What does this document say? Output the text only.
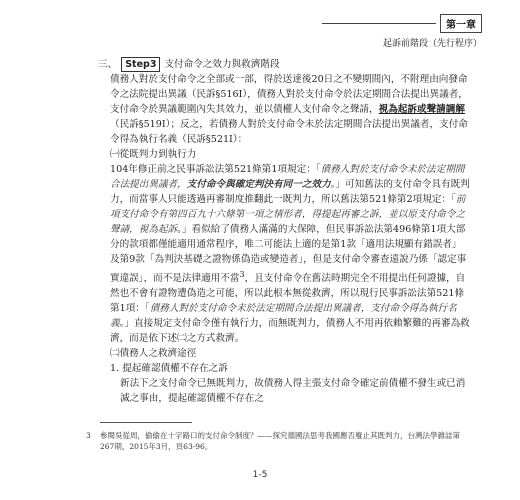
第一章
起訴前階段（先行程序）
三、 Step3 支付命令之效力與救濟階段

債務人對於支付命令之全部或一部，得於送達後20日之不變期間內，不附理由向發命令之法院提出異議（民訴§516Ⅰ），債務人對於支付命令於法定期間合法提出異議者，支付命令於異議範圍內失其效力，並以債權人支付命令之聲請，視為起訴或聲請調解（民訴§519Ⅰ）；反之，若債務人對於支付命令未於法定期間合法提出異議者，支付命令得為執行名義（民訴§521Ⅰ）：

㈠從既判力到執行力

104年修正前之民事訴訟法第521條第1項規定：「債務人對於支付命令未於法定期間合法提出異議者，支付命令與確定判決有同一之效力。」可知舊法的支付命令具有既判力，而當事人只能透過再審制度推翻此一既判力，所以舊法第521條第2項規定：「前項支付命令有第四百九十六條第一項之情形者，得提起再審之訴，並以原支付命令之聲請，視為起訴。」看似給了債務人滿滿的大保障，但民事訴訟法第496條第1項大部分的款項都僅能適用通常程序，唯二可能法上適的是第1款「適用法規顯有錯誤者」及第9款「為判決基礎之證物係偽造或變造者」，但是支付命令審查遠說乃係「認定事實違誤」，而不是法律適用不當$^3$，且支付命令在舊法時期完全不用提出任何證據，自然也不會有證物遭偽造之可能，所以此根本無從救濟，所以現行民事訴訟法第521條第1項：「債務人對於支付命令未於法定期間合法提出異議者，支付命令得為執行名義。」直接規定支付命令僅有執行力，而無既判力，債務人不用再依賴繁難的再審為救濟，而是依下述㈡之方式救濟。

㈡債務人之救濟途徑

1. 提起確認債權不存在之訴

新法下之支付命令已無既判力，故債務人得主張支付命令確定前債權不發生或已消滅之事由，提起確認債權不存在之

3 參閱吳從周，偷偷在十字路口的支付命令制度？——探究德國法思考我國應否廢止其既判力，台灣法學雜誌第267期，2015年3月，頁63-96。
1-5
